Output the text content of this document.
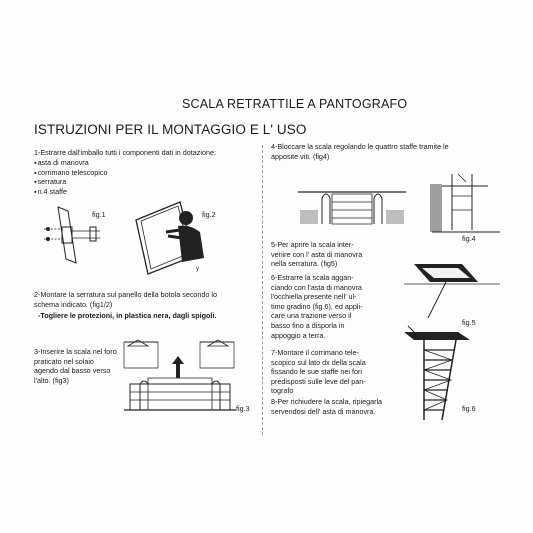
SCALA RETRATTILE A PANTOGRAFO
ISTRUZIONI PER IL MONTAGGIO E L' USO
1-Estrarre dall'imballo tutti i componenti dati in dotazione:
▪ asta di manovra
▪ corrimano telescopico
▪ serratura
▪ n.4 staffe
fig.1
y
fig.2
2-Montare la serratura sul panello della botola secondo lo
schema indicato. (fig1/2)
-Togliere le protezioni, in plastica nera, dagli spigoli.
3-Inserire la scala nel foro
praticato nel solaio
agendo dal basso verso
l'alto. (fig3)
fig.3
4-Bloccare la scala regolando le quattro staffe tramite le
apposite viti. (fig4)
fig.4
5-Per aprire la scala inter-
venire con l' asta di manovra
nella serratura. (fig5)
6-Estrarre la scala aggan-
ciando con l'asta di manovra
l'occhiella presente nell' ul-
timo gradino (fig.6), ed appli-
care una trazione verso il
basso fino a disporla in
appoggio a terra.
fig.5
7-Montare il corrimano tele-
scopico sul lato dx della scala
fissando le sue staffe nei fori
predisposti sulle leve del pan-
tografo
8-Per richiudere la scala, ripiegarla
servendosi dell' asta di manovra.	fig.6
